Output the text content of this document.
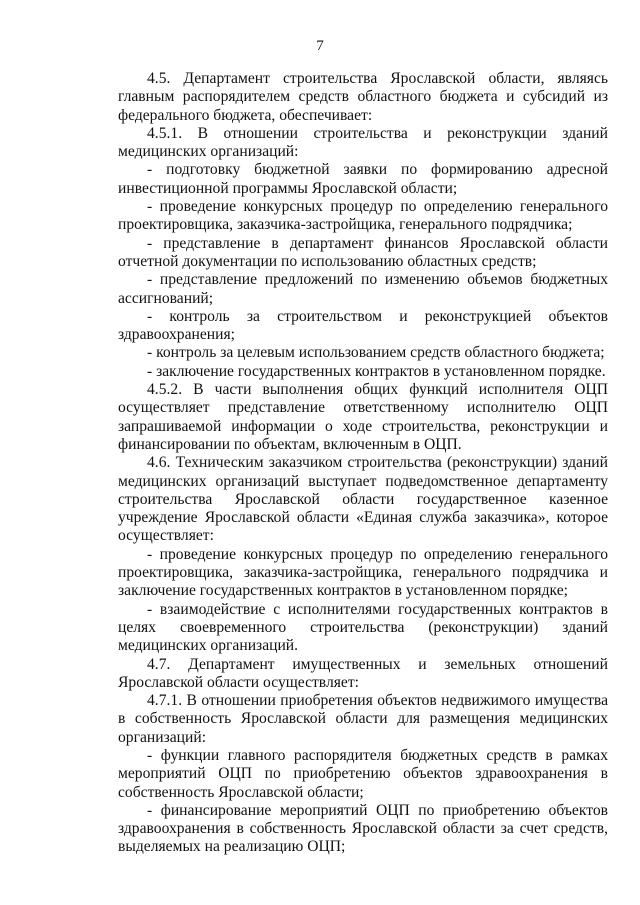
7

4.5. Департамент строительства Ярославской области, являясь главным распорядителем средств областного бюджета и субсидий из федерального бюджета, обеспечивает:

4.5.1. В отношении строительства и реконструкции зданий медицинских организаций:

- подготовку бюджетной заявки по формированию адресной инвестиционной программы Ярославской области;

- проведение конкурсных процедур по определению генерального проектировщика, заказчика-застройщика, генерального подрядчика;

- представление в департамент финансов Ярославской области отчетной документации по использованию областных средств;

- представление предложений по изменению объемов бюджетных ассигнований;

- контроль за строительством и реконструкцией объектов здравоохранения;

- контроль за целевым использованием средств областного бюджета;

- заключение государственных контрактов в установленном порядке.

4.5.2. В части выполнения общих функций исполнителя ОЦП осуществляет представление ответственному исполнителю ОЦП запрашиваемой информации о ходе строительства, реконструкции и финансировании по объектам, включенным в ОЦП.

4.6. Техническим заказчиком строительства (реконструкции) зданий медицинских организаций выступает подведомственное департаменту строительства Ярославской области государственное казенное учреждение Ярославской области «Единая служба заказчика», которое осуществляет:

- проведение конкурсных процедур по определению генерального проектировщика, заказчика-застройщика, генерального подрядчика и заключение государственных контрактов в установленном порядке;

- взаимодействие с исполнителями государственных контрактов в целях своевременного строительства (реконструкции) зданий медицинских организаций.

4.7. Департамент имущественных и земельных отношений Ярославской области осуществляет:

4.7.1. В отношении приобретения объектов недвижимого имущества в собственность Ярославской области для размещения медицинских организаций:

- функции главного распорядителя бюджетных средств в рамках мероприятий ОЦП по приобретению объектов здравоохранения в собственность Ярославской области;

- финансирование мероприятий ОЦП по приобретению объектов здравоохранения в собственность Ярославской области за счет средств, выделяемых на реализацию ОЦП;
